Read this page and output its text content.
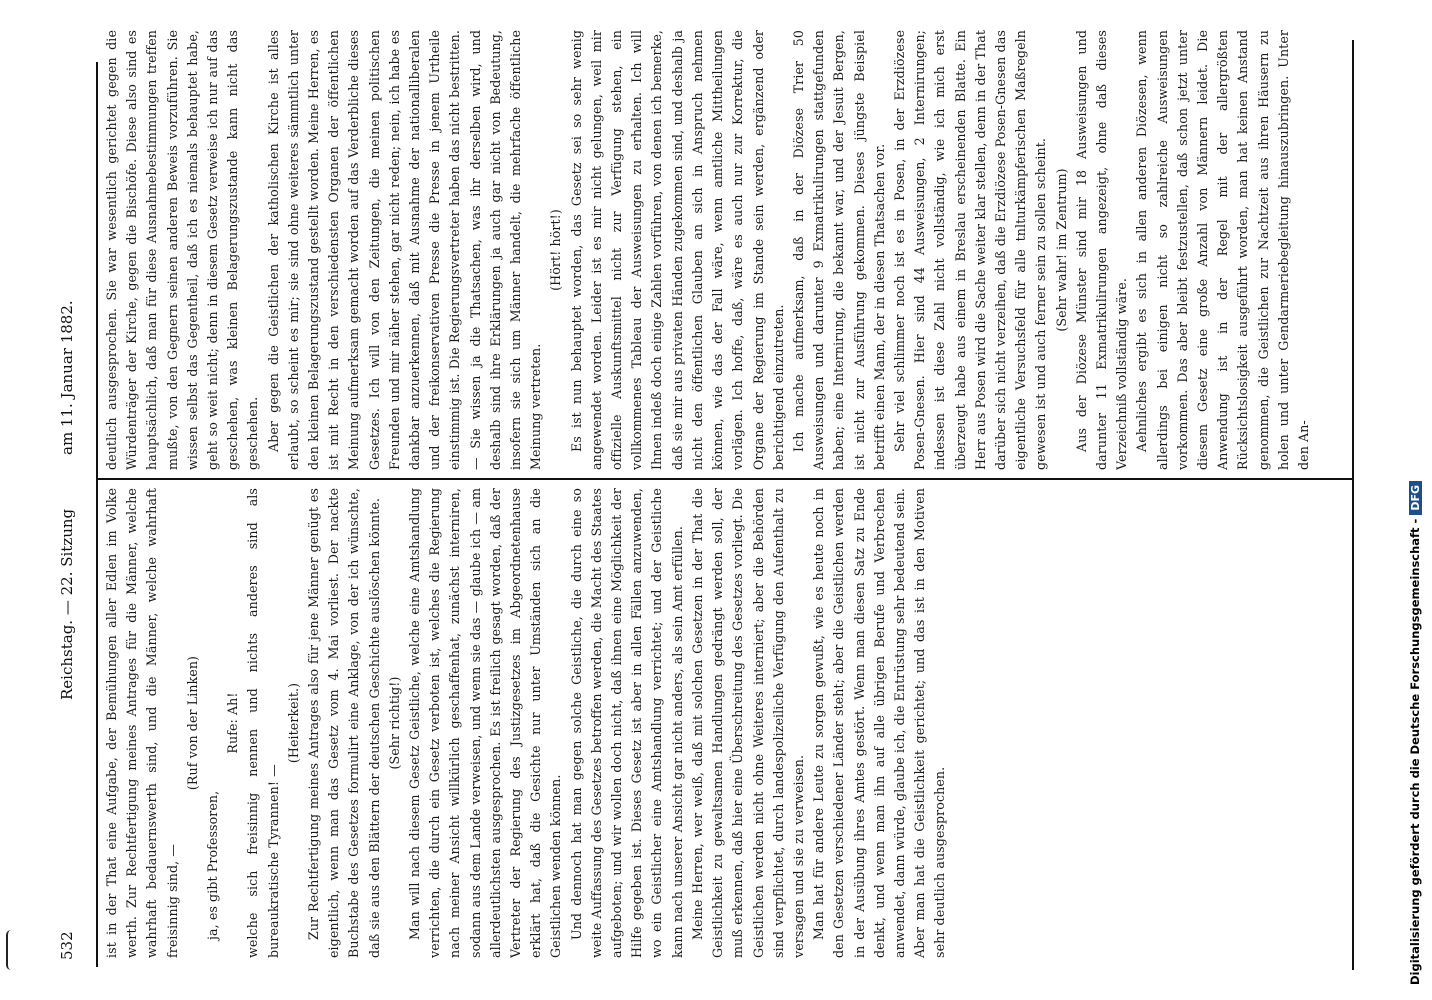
532
Reichstag. — 22. Sitzung
am 11. Januar 1882.

ist in der That eine Aufgabe, der Bemühungen aller Edlen im Volke werth. Zur Rechtfertigung meines Antrages für die Männer, welche wahrhaft bedauernswerth sind, und die Männer, welche wahrhaft freisinnig sind, —

(Ruf von der Linken)

ja, es gibt Professoren,

Rufe: Ah! welche sich freisinnig nennen und nichts anderes sind als bureaukratische Tyrannen! —

(Heiterkeit.) Zur Rechtfertigung meines Antrages also für jene Männer genügt es eigentlich, wenn man das Gesetz vom 4. Mai vorliest. Der nackte Buchstabe des Gesetzes formulirt eine Anklage, von der ich wünschte, daß sie aus den Blättern der deutschen Geschichte auslöschen könnte. (Sehr richtig!) Man will nach diesem Gesetz Geistliche, welche eine Amtshandlung verrichten, die durch ein Gesetz verboten ist, welches die Regierung nach meiner Ansicht willkürlich geschaffenhat, zunächst interniren, sodann aus dem Lande verweisen, und wenn sie das — glaube ich — am allerdeutlichsten ausgesprochen. Es ist freilich gesagt worden, daß der Vertreter der Regierung des Justizgesetzes im Abgeordnetenhause erklärt hat, daß die Gesichte nur unter Umständen sich an die Geistlichen wenden können. Und dennoch hat man gegen solche Geistliche, die durch eine so weite Auffassung des Gesetzes betroffen werden, die Macht des Staates aufgeboten; und wir wollen doch nicht, daß ihnen eine Möglichkeit der Hilfe gegeben ist. Dieses Gesetz ist aber in allen Fällen anzuwenden, wo ein Geistlicher eine Amtshandlung verrichtet; und der Geistliche kann nach unserer Ansicht gar nicht anders, als sein Amt erfüllen. Meine Herren, wer weiß, daß mit solchen Gesetzen in der That die Geistlichkeit zu gewaltsamen Handlungen gedrängt werden soll, der muß erkennen, daß hier eine Überschreitung des Gesetzes vorliegt. Die Geistlichen werden nicht ohne Weiteres interniert; aber die Behörden sind verpflichtet, durch landespolizeiliche Verfügung den Aufenthalt zu versagen und sie zu verweisen. Man hat für andere Leute zu sorgen gewußt, wie es heute noch in den Gesetzen verschiedener Länder steht; aber die Geistlichen werden in der Ausübung ihres Amtes gestört. Wenn man diesen Satz zu Ende denkt, und wenn man ihn auf alle übrigen Berufe und Verbrechen anwendet, dann würde, glaube ich, die Entrüstung sehr bedeutend sein. Aber man hat die Geistlichkeit gerichtet; und das ist in den Motiven sehr deutlich ausgesprochen.

deutlich ausgesprochen. Sie war wesentlich gerichtet gegen die Würdenträger der Kirche, gegen die Bischöfe. Diese also sind es hauptsächlich, daß man für diese Ausnahmebestimmungen treffen mußte, von den Gegnern seinen anderen Beweis vorzuführen. Sie wissen selbst das Gegentheil, daß ich es niemals behauptet habe, geht so weit nicht; denn in diesem Gesetz verweise ich nur auf das geschehen, was kleinen Belagerungszustande kann nicht das geschehen. Aber gegen die Geistlichen der katholischen Kirche ist alles erlaubt, so scheint es mir; sie sind ohne weiteres sämmtlich unter den kleinen Belagerungszustand gestellt worden. Meine Herren, es ist mit Recht in den verschiedensten Organen der öffentlichen Meinung aufmerksam gemacht worden auf das Verderbliche dieses Gesetzes. Ich will von den Zeitungen, die meinen politischen Freunden und mir näher stehen, gar nicht reden; nein, ich habe es dankbar anzuerkennen, daß mit Ausnahme der nationalliberalen und der freikonservativen Presse die Presse in jenem Urtheile einstimmig ist. Die Regierungsvertreter haben das nicht bestritten. — Sie wissen ja die Thatsachen, was ihr derselben wird, und deshalb sind ihre Erklärungen ja auch gar nicht von Bedeutung, insofern sie sich um Männer handelt, die mehrfache öffentliche Meinung vertreten.

(Hört! hört!) Es ist nun behauptet worden, das Gesetz sei so sehr wenig angewendet worden. Leider ist es mir nicht gelungen, weil mir offizielle Auskunftsmittel nicht zur Verfügung stehen, ein vollkommenes Tableau der Ausweisungen zu erhalten. Ich will Ihnen indeß doch einige Zahlen vorführen, von denen ich bemerke, daß sie mir aus privaten Händen zugekommen sind, und deshalb ja nicht den öffentlichen Glauben an sich in Anspruch nehmen können, wie das der Fall wäre, wenn amtliche Mittheilungen vorlägen. Ich hoffe, daß, wäre es auch nur zur Korrektur, die Organe der Regierung im Stande sein werden, ergänzend oder berichtigend einzutreten. Ich mache aufmerksam, daß in der Diözese Trier 50 Ausweisungen und darunter 9 Exmatrikulirungen stattgefunden haben; eine Internirung, die bekannt war, und der Jesuit Bergen, ist nicht zur Ausführung gekommen. Dieses jüngste Beispiel betrifft einen Mann, der in diesen Thatsachen vor. Sehr viel schlimmer noch ist es in Posen, in der Erzdiözese Posen-Gnesen. Hier sind 44 Ausweisungen, 2 Internirungen; indessen ist diese Zahl nicht vollständig, wie ich mich erst überzeugt habe aus einem in Breslau erscheinenden Blatte. Ein Herr aus Posen wird die Sache weiter klar stellen, denn in der That darüber sich nicht verzeihen, daß die Erzdiözese Posen-Gnesen das eigentliche Versuchsfeld für alle tnlturkämpferischen Maßregeln gewesen ist und auch ferner sein zu sollen scheint. (Sehr wahr! im Zentrum) Aus der Diözese Münster sind mir 18 Ausweisungen und darunter 11 Exmatrikulirungen angezeigt, ohne daß dieses Verzeichniß vollständig wäre. Aehnliches ergibt es sich in allen anderen Diözesen, wenn allerdings bei einigen nicht so zahlreiche Ausweisungen vorkommen. Das aber bleibt festzustellen, daß schon jetzt unter diesem Gesetz eine große Anzahl von Männern leidet. Die Anwendung ist in der Regel mit der allergrößten Rücksichtslosigkeit ausgeführt worden, man hat keinen Anstand genommen, die Geistlichen zur Nachtzeit aus ihren Häusern zu holen und unter Gendarmeriebegleitung hinauszubringen. Unter den An-

Digitalisierung gefördert durch die Deutsche Forschungsgemeinschaft -DFG
